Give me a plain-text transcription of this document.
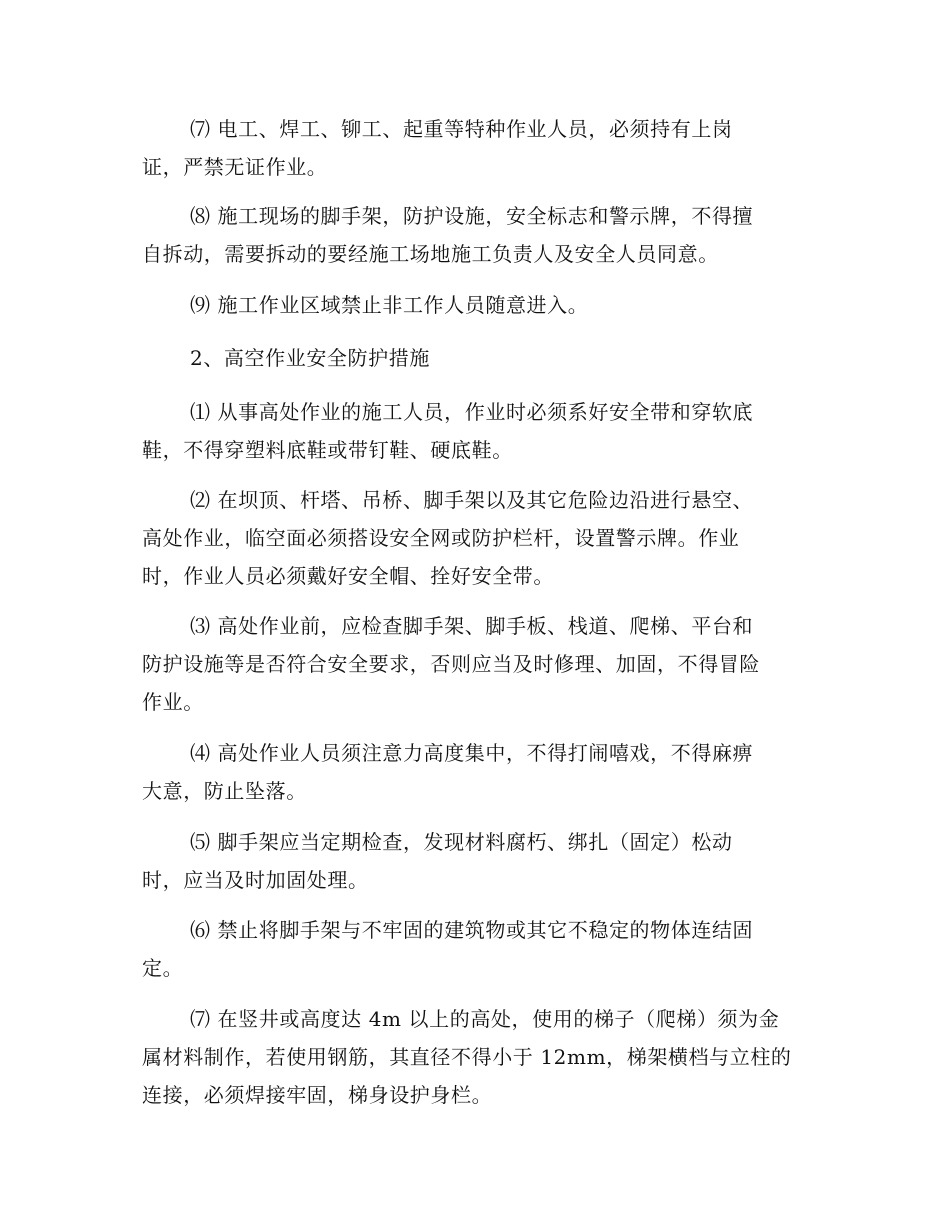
⑺ 电工、焊工、铆工、起重等特种作业人员，必须持有上岗
证，严禁无证作业。
⑻ 施工现场的脚手架，防护设施，安全标志和警示牌，不得擅
自拆动，需要拆动的要经施工场地施工负责人及安全人员同意。
⑼ 施工作业区域禁止非工作人员随意进入。
2、高空作业安全防护措施
⑴ 从事高处作业的施工人员，作业时必须系好安全带和穿软底
鞋，不得穿塑料底鞋或带钉鞋、硬底鞋。
⑵ 在坝顶、杆塔、吊桥、脚手架以及其它危险边沿进行悬空、
高处作业，临空面必须搭设安全网或防护栏杆，设置警示牌。作业
时，作业人员必须戴好安全帽、拴好安全带。
⑶ 高处作业前，应检查脚手架、脚手板、栈道、爬梯、平台和
防护设施等是否符合安全要求，否则应当及时修理、加固，不得冒险
作业。
⑷ 高处作业人员须注意力高度集中，不得打闹嘻戏，不得麻痹
大意，防止坠落。
⑸ 脚手架应当定期检查，发现材料腐朽、绑扎（固定）松动
时，应当及时加固处理。
⑹ 禁止将脚手架与不牢固的建筑物或其它不稳定的物体连结固
定。
⑺ 在竖井或高度达 4m 以上的高处，使用的梯子（爬梯）须为金
属材料制作，若使用钢筋，其直径不得小于 12mm，梯架横档与立柱的
连接，必须焊接牢固，梯身设护身栏。
